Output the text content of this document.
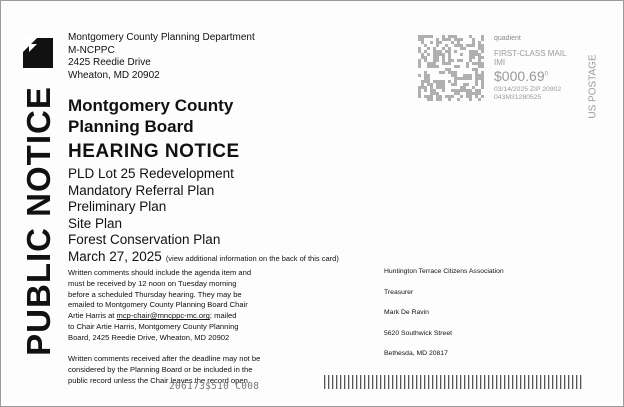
PUBLIC NOTICE
Montgomery County Planning Department
M-NCPPC
2425 Reedie Drive
Wheaton, MD 20902
Montgomery County
Planning Board
HEARING NOTICE
PLD Lot 25 Redevelopment
Mandatory Referral Plan
Preliminary Plan
Site Plan
Forest Conservation Plan
March 27, 2025 (view additional information on the back of this card)
Written comments should include the agenda item and
must be received by 12 noon on Tuesday morning
before a scheduled Thursday hearing. They may be
emailed to Montgomery County Planning Board Chair
Artie Harris at mcp-chair@mncppc-mc.org; mailed
to Chair Artie Harris, Montgomery County Planning
Board, 2425 Reedie Drive, Wheaton, MD 20902
Written comments received after the deadline may not be
considered by the Planning Board or be included in the
public record unless the Chair leaves the record open.
Huntington Terrace Citizens Association
Treasurer
Mark De Ravin
5620 Southwick Street
Bethesda, MD 20817
quadient
FIRST-CLASS MAIL
IMI
$000.69$^0$
03/14/2025 ZIP 20902
043M31280525	US POSTAGE
206173$510 C008
